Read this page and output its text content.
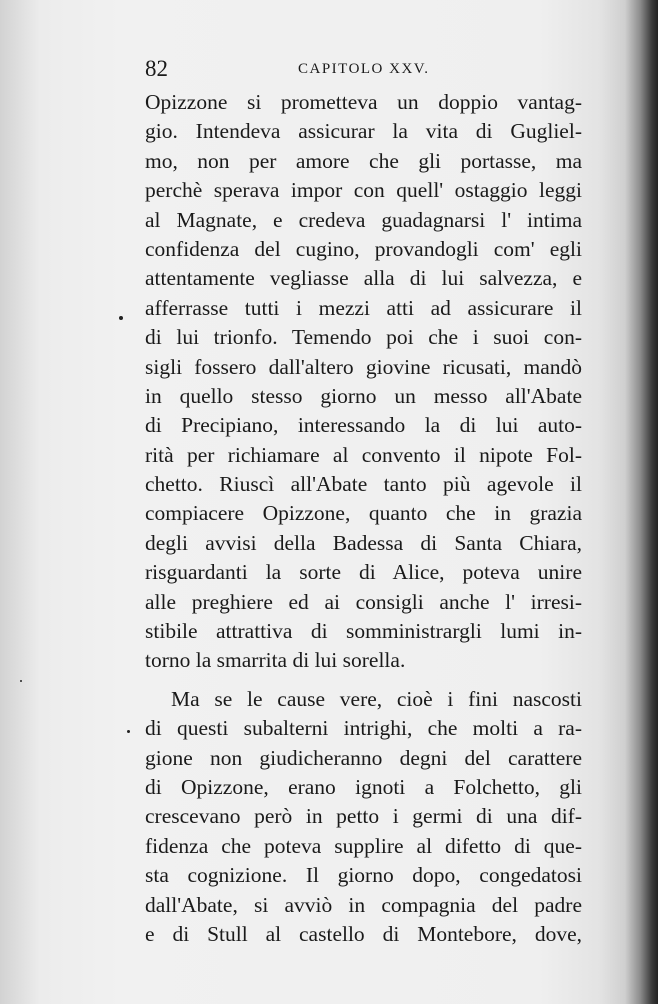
82	CAPITOLO XXV.
Opizzone si prometteva un doppio vantag-
gio. Intendeva assicurar la vita di Gugliel-
mo, non per amore che gli portasse, ma
perchè sperava impor con quell' ostaggio leggi
al Magnate, e credeva guadagnarsi l' intima
confidenza del cugino, provandogli com' egli
attentamente vegliasse alla di lui salvezza, e
afferrasse tutti i mezzi atti ad assicurare il
di lui trionfo. Temendo poi che i suoi con-
sigli fossero dall'altero giovine ricusati, mandò
in quello stesso giorno un messo all'Abate
di Precipiano, interessando la di lui auto-
rità per richiamare al convento il nipote Fol-
chetto. Riuscì all'Abate tanto più agevole il
compiacere Opizzone, quanto che in grazia
degli avvisi della Badessa di Santa Chiara,
risguardanti la sorte di Alice, poteva unire
alle preghiere ed ai consigli anche l' irresi-
stibile attrattiva di somministrargli lumi in-
torno la smarrita di lui sorella.
Ma se le cause vere, cioè i fini nascosti
di questi subalterni intrighi, che molti a ra-
gione non giudicheranno degni del carattere
di Opizzone, erano ignoti a Folchetto, gli
crescevano però in petto i germi di una dif-
fidenza che poteva supplire al difetto di que-
sta cognizione. Il giorno dopo, congedatosi
dall'Abate, si avviò in compagnia del padre
e di Stull al castello di Montebore, dove,
